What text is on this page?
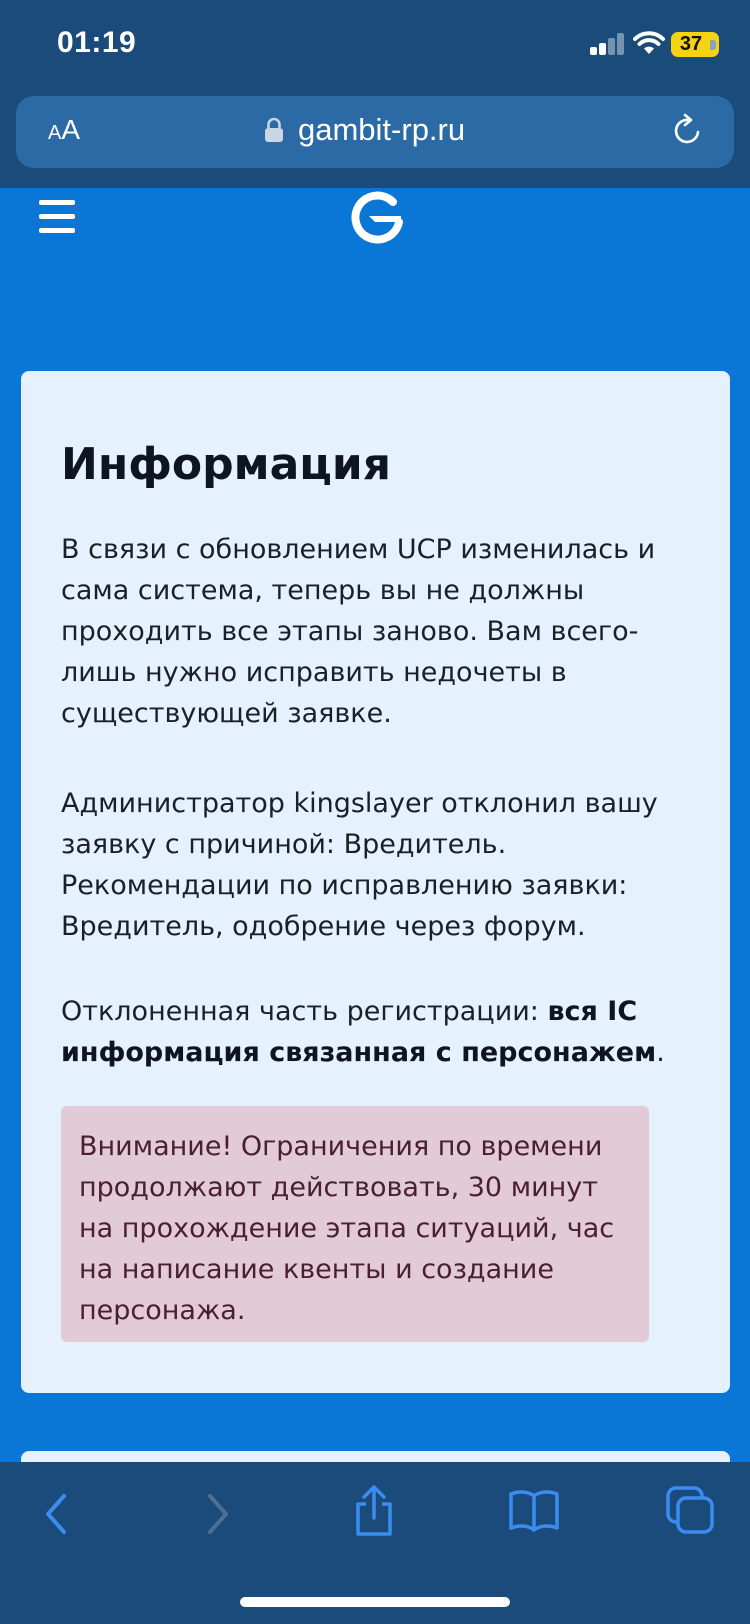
01:19	37
AA	gambit-rp.ru
Информация

В связи с обновлением UCP изменилась и сама система, теперь вы не должны проходить все этапы заново. Вам всего-лишь нужно исправить недочеты в существующей заявке.

Администратор kingslayer отклонил вашу заявку с причиной: Вредитель. Рекомендации по исправлению заявки: Вредитель, одобрение через форум.

Отклоненная часть регистрации: вся IC информация связанная с персонажем.

Внимание! Ограничения по времени продолжают действовать, 30 минут на прохождение этапа ситуаций, час на написание квенты и создание персонажа.
